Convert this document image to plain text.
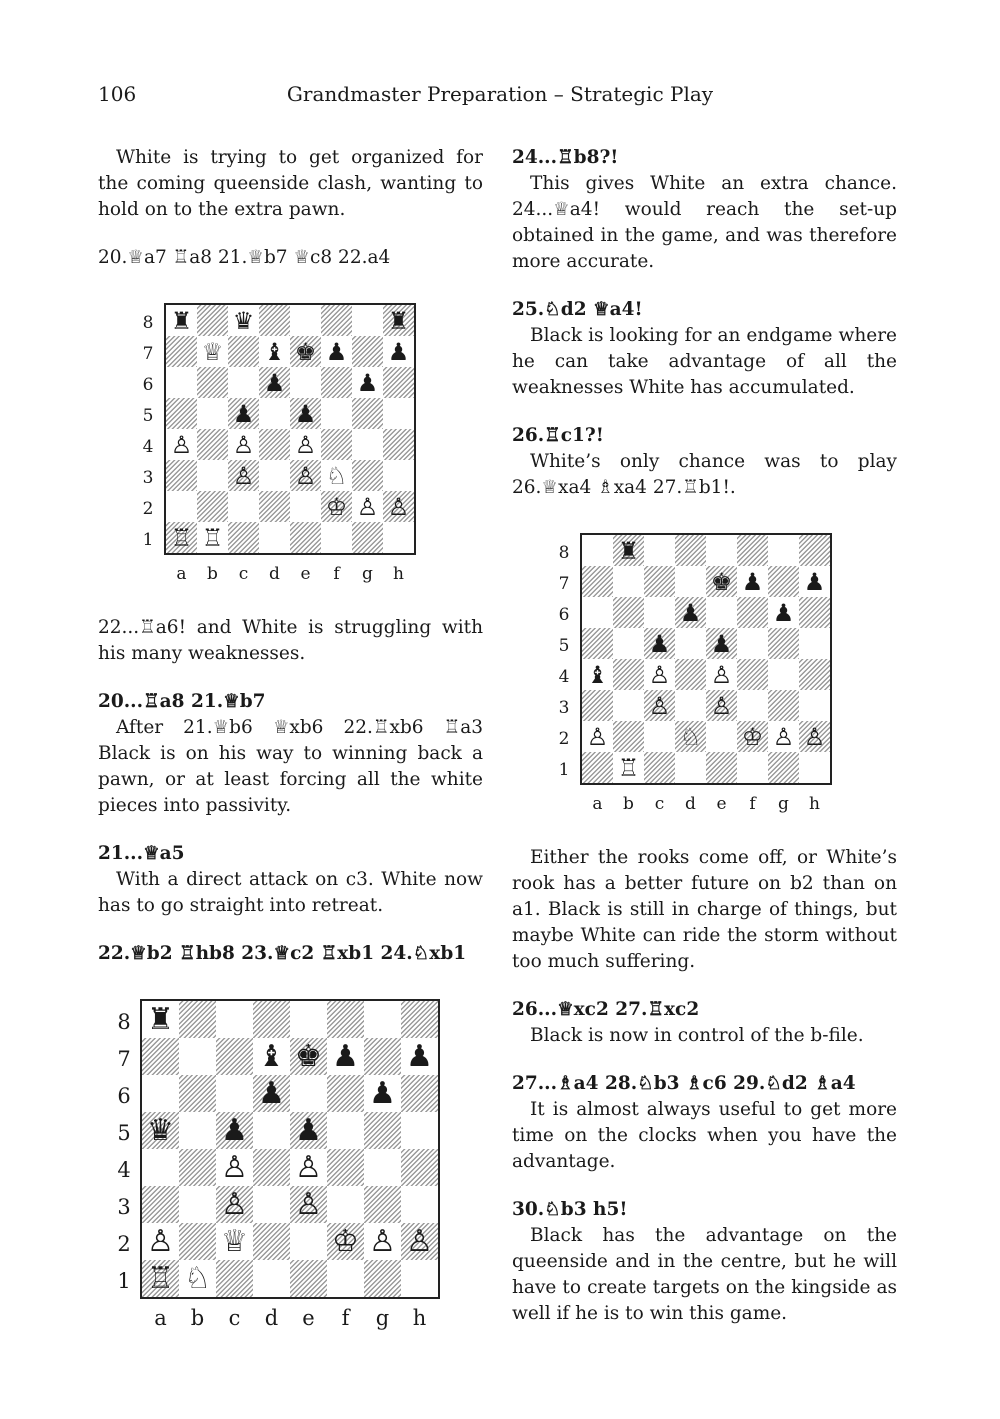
106	Grandmaster Preparation – Strategic Play

White is trying to get organized for the coming queenside clash, wanting to hold on to the extra pawn.

20.♕a7 ♖a8 21.♕b7 ♕c8 22.a4

♜ ♛	♜
♕ ♝ ♚ ♟ ♟
♟	♟
♟ ♟
♙ ♙ ♙
♙ ♙ ♘
♔ ♙ ♙
♖ ♖
8
7
6
5
4
3
2
1
a	b	c	d	e	f	g	h

22...♖a6! and White is struggling with his many weaknesses.

20...♖a8 21.♕b7

After 21.♕b6 ♕xb6 22.♖xb6 ♖a3 Black is on his way to winning back a pawn, or at least forcing all the white pieces into passivity.

21...♕a5

With a direct attack on c3. White now has to go straight into retreat.

22.♕b2 ♖hb8 23.♕c2 ♖xb1 24.♘xb1

♜
♝ ♚ ♟ ♟
♟	♟
♛ ♟ ♟
♙ ♙
♙ ♙
♙ ♕	♔ ♙ ♙
♖ ♘
8
7
6
5
4
3
2
1
a	b	c	d	e	f	g	h

24...♖b8?!

This gives White an extra chance. 24...♕a4! would reach the set-up obtained in the game, and was therefore more accurate.

25.♘d2 ♕a4!

Black is looking for an endgame where he can take advantage of all the weaknesses White has accumulated.

26.♖c1?!

White’s only chance was to play 26.♕xa4 ♗xa4 27.♖b1!.

♜
♚ ♟ ♟
♟	♟
♟ ♟
♝ ♙ ♙
♙ ♙
♙	♘ ♔ ♙ ♙
♖
8
7
6
5
4
3
2
1
a	b	c	d	e	f	g	h

Either the rooks come off, or White’s rook has a better future on b2 than on a1. Black is still in charge of things, but maybe White can ride the storm without too much suffering.

26...♕xc2 27.♖xc2

Black is now in control of the b-file.

27...♗a4 28.♘b3 ♗c6 29.♘d2 ♗a4

It is almost always useful to get more time on the clocks when you have the advantage.

30.♘b3 h5!

Black has the advantage on the queenside and in the centre, but he will have to create targets on the kingside as well if he is to win this game.
